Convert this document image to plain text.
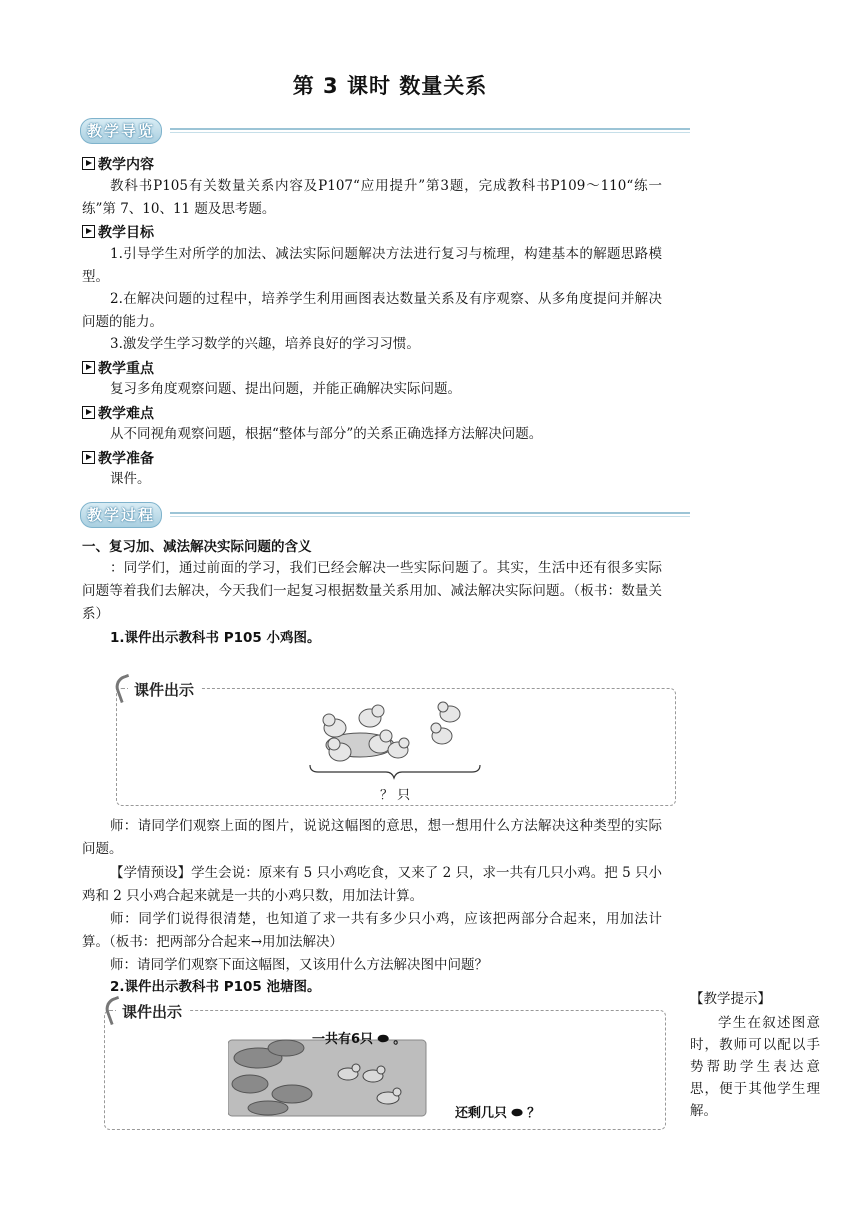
第 3 课时 数量关系
教学导览
教学内容
教科书P105有关数量关系内容及P107“应用提升”第3题，完成教科书P109～110“练一练”第 7、10、11 题及思考题。
教学目标
1.引导学生对所学的加法、减法实际问题解决方法进行复习与梳理，构建基本的解题思路模型。
2.在解决问题的过程中，培养学生利用画图表达数量关系及有序观察、从多角度提问并解决问题的能力。
3.激发学生学习数学的兴趣，培养良好的学习习惯。
教学重点
复习多角度观察问题、提出问题，并能正确解决实际问题。
教学难点
从不同视角观察问题，根据“整体与部分”的关系正确选择方法解决问题。
教学准备
课件。
教学过程
一、复习加、减法解决实际问题的含义
：同学们，通过前面的学习，我们已经会解决一些实际问题了。其实，生活中还有很多实际问题等着我们去解决，今天我们一起复习根据数量关系用加、减法解决实际问题。（板书：数量关系）
1.课件出示教科书 P105 小鸡图。
课件出示
？ 只
师：请同学们观察上面的图片，说说这幅图的意思，想一想用什么方法解决这种类型的实际问题。
【学情预设】学生会说：原来有 5 只小鸡吃食，又来了 2 只，求一共有几只小鸡。把 5 只小鸡和 2 只小鸡合起来就是一共的小鸡只数，用加法计算。
师：同学们说得很清楚，也知道了求一共有多少只小鸡，应该把两部分合起来，用加法计算。（板书：把两部分合起来→用加法解决）
师：请同学们观察下面这幅图，又该用什么方法解决图中问题？
2.课件出示教科书 P105 池塘图。
课件出示
一共有6只 ⬬ 。
还剩几只 ⬬ ？
【教学提示】
学生在叙述图意时，教师可以配以手势帮助学生表达意思，便于其他学生理解。
